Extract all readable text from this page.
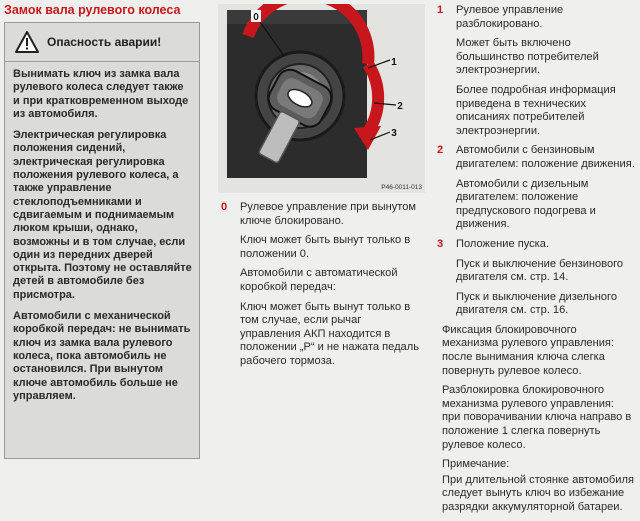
Замок вала рулевого колеса
Опасность аварии!

Вынимать ключ из замка вала рулевого колеса следует также и при кратковременном выходе из автомобиля.

Электрическая регулировка положения сидений, электрическая регулировка положения рулевого колеса, а также управление стеклоподъемниками и сдвигаемым и поднимаемым люком крыши, однако, возможны и в том случае, если один из передних дверей открыта. Поэтому не оставляйте детей в автомобиле без присмотра.

Автомобили с механической коробкой передач: не вынимать ключ из замка вала рулевого колеса, пока автомобиль не остановился. При вынутом ключе автомобиль больше не управляем.

0
1
2
3
P46-0011-013
0 Рулевое управление при вынутом ключе блокировано.

Ключ может быть вынут только в положении 0.

Автомобили с автоматической коробкой передач:

Ключ может быть вынут только в том случае, если рычаг управления АКП находится в положении „P“ и не нажата педаль рабочего тормоза.

1 Рулевое управление разблокировано.

Может быть включено большинство потребителей электроэнергии.

Более подробная информация приведена в технических описаниях потребителей электроэнергии.

2 Автомобили с бензиновым двигателем: положение движения.

Автомобили с дизельным двигателем: положение предпускового подогрева и движения.

3 Положение пуска.

Пуск и выключение бензинового двигателя см. стр. 14.

Пуск и выключение дизельного двигателя см. стр. 16.

Фиксация блокировочного механизма рулевого управления: после вынимания ключа слегка повернуть рулевое колесо.

Разблокировка блокировочного механизма рулевого управления: при поворачивании ключа направо в положение 1 слегка повернуть рулевое колесо.

Примечание:

При длительной стоянке автомобиля следует вынуть ключ во избежание разрядки аккумуляторной батареи.
